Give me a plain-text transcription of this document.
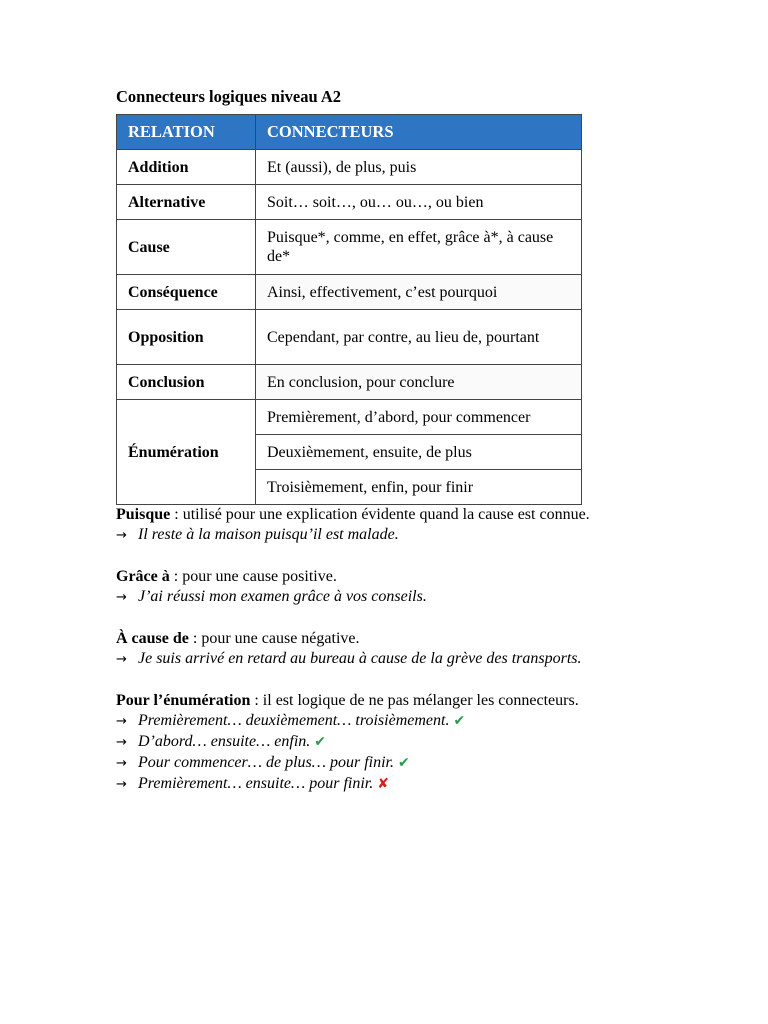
Connecteurs logiques niveau A2

RELATION	CONNECTEURS
Addition	Et (aussi), de plus, puis
Alternative	Soit… soit…, ou… ou…, ou bien
Cause	Puisque*, comme, en effet, grâce à*, à cause de*
Conséquence	Ainsi, effectivement, c’est pourquoi
Opposition	Cependant, par contre, au lieu de, pourtant
Conclusion	En conclusion, pour conclure
Énumération	Premièrement, d’abord, pour commencer
	Deuxièmement, ensuite, de plus
	Troisièmement, enfin, pour finir

Puisque : utilisé pour une explication évidente quand la cause est connue.

→ Il reste à la maison puisqu’il est malade.

Grâce à : pour une cause positive.

→ J’ai réussi mon examen grâce à vos conseils.

À cause de : pour une cause négative.

→ Je suis arrivé en retard au bureau à cause de la grève des transports.

Pour l’énumération : il est logique de ne pas mélanger les connecteurs.

→ Premièrement… deuxièmement… troisièmement. ✔

→ D’abord… ensuite… enfin. ✔

→ Pour commencer… de plus… pour finir. ✔

→ Premièrement… ensuite… pour finir. ✘
